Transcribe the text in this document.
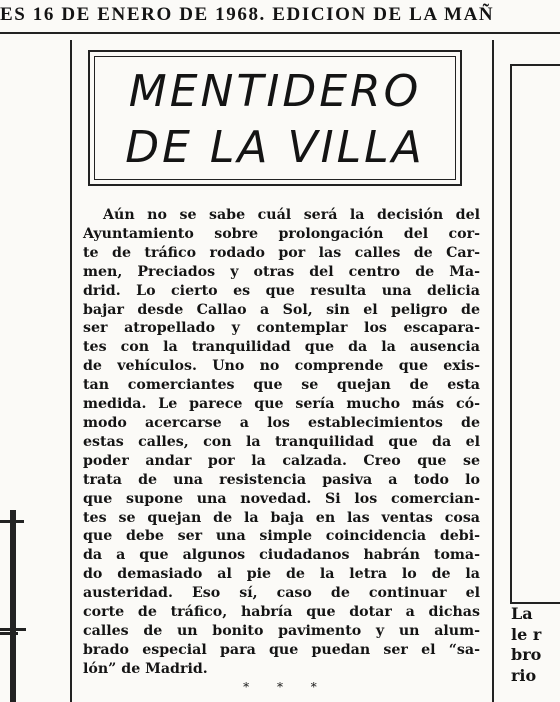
ES 16 DE ENERO DE 1968. EDICION DE LA MAÑ
MENTIDERO
DE LA VILLA
Aún no se sabe cuál será la decisión del
Ayuntamiento sobre prolongación del cor-
te de tráfico rodado por las calles de Car-
men, Preciados y otras del centro de Ma-
drid. Lo cierto es que resulta una delicia
bajar desde Callao a Sol, sin el peligro de
ser atropellado y contemplar los escapara-
tes con la tranquilidad que da la ausencia
de vehículos. Uno no comprende que exis-
tan comerciantes que se quejan de esta
medida. Le parece que sería mucho más có-
modo acercarse a los establecimientos de
estas calles, con la tranquilidad que da el
poder andar por la calzada. Creo que se
trata de una resistencia pasiva a todo lo
que supone una novedad. Si los comercian-
tes se quejan de la baja en las ventas cosa
que debe ser una simple coincidencia debi-
da a que algunos ciudadanos habrán toma-
do demasiado al pie de la letra lo de la
austeridad. Eso sí, caso de continuar el
corte de tráfico, habría que dotar a dichas
calles de un bonito pavimento y un alum-
brado especial para que puedan ser el “sa-
lón” de Madrid.
* * *
La
le r
bro
rio
